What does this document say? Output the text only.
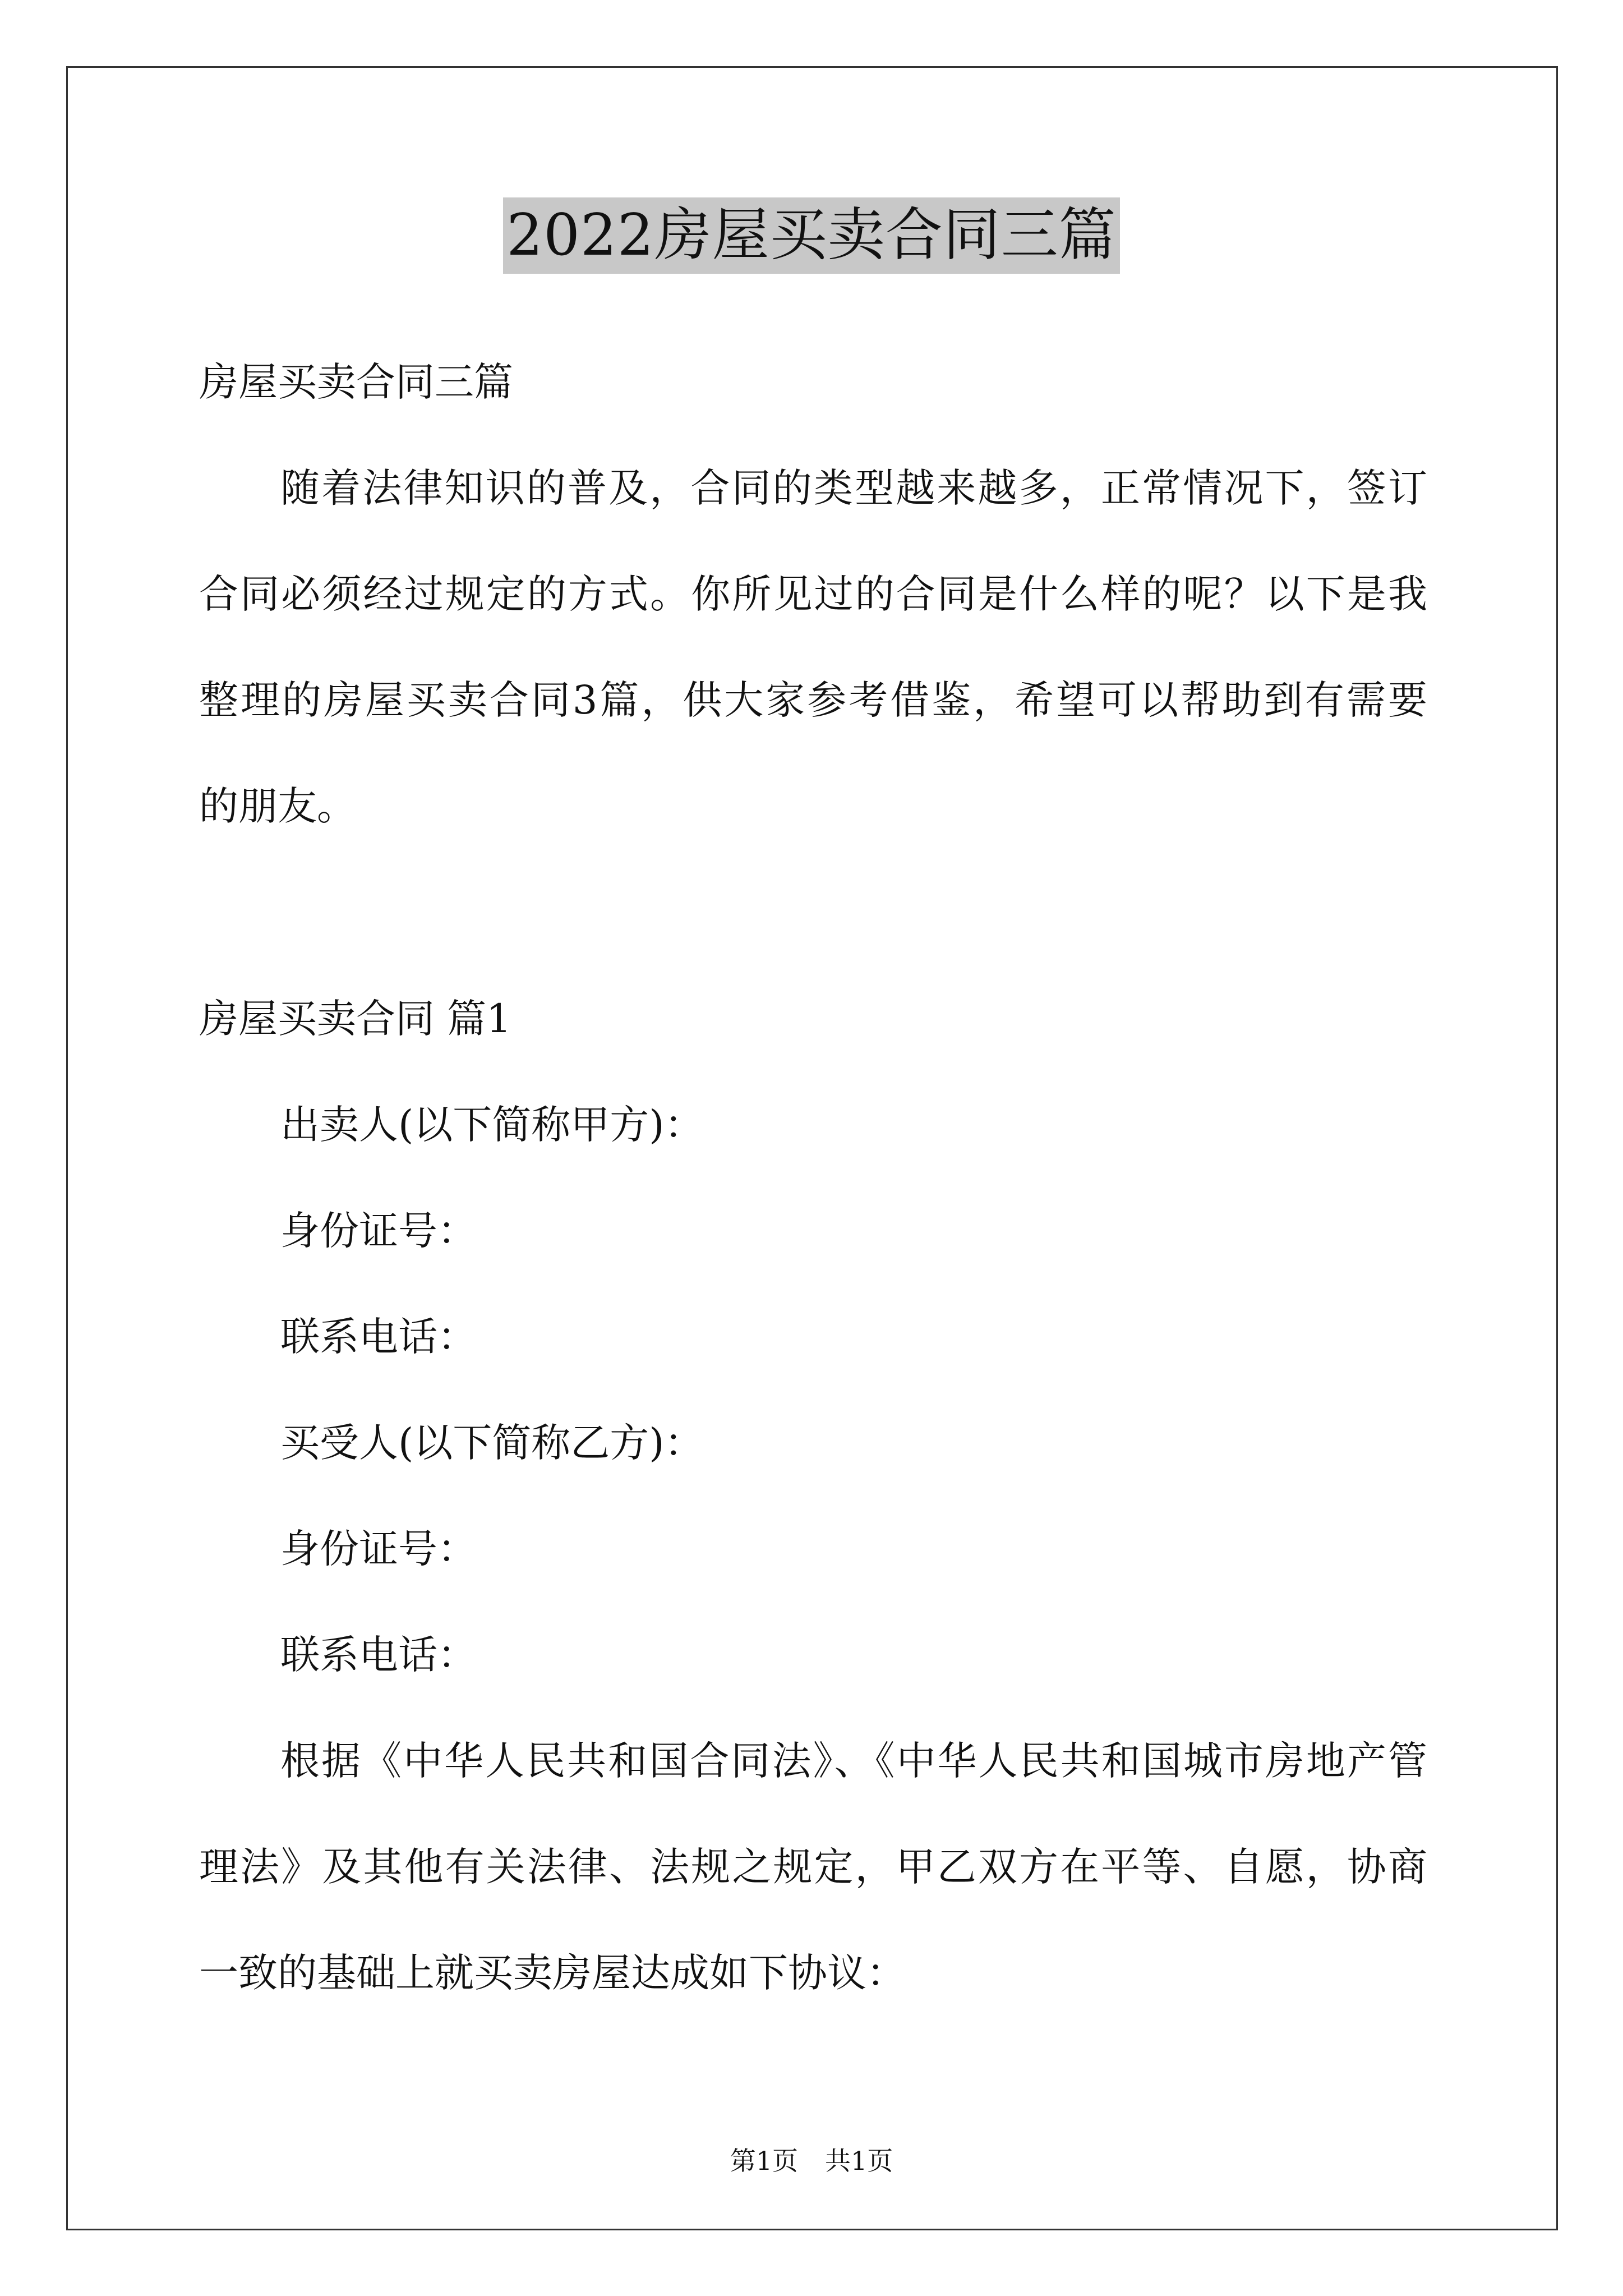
2022房屋买卖合同三篇

房屋买卖合同三篇

随着法律知识的普及，合同的类型越来越多，正常情况下，签订

合同必须经过规定的方式。你所见过的合同是什么样的呢？以下是我

整理的房屋买卖合同3篇，供大家参考借鉴，希望可以帮助到有需要

的朋友。

房屋买卖合同 篇1

出卖人(以下简称甲方)：

身份证号：

联系电话：

买受人(以下简称乙方)：

身份证号：

联系电话：

根据《中华人民共和国合同法》、《中华人民共和国城市房地产管

理法》及其他有关法律、法规之规定，甲乙双方在平等、自愿，协商

一致的基础上就买卖房屋达成如下协议：

第1页 共1页
